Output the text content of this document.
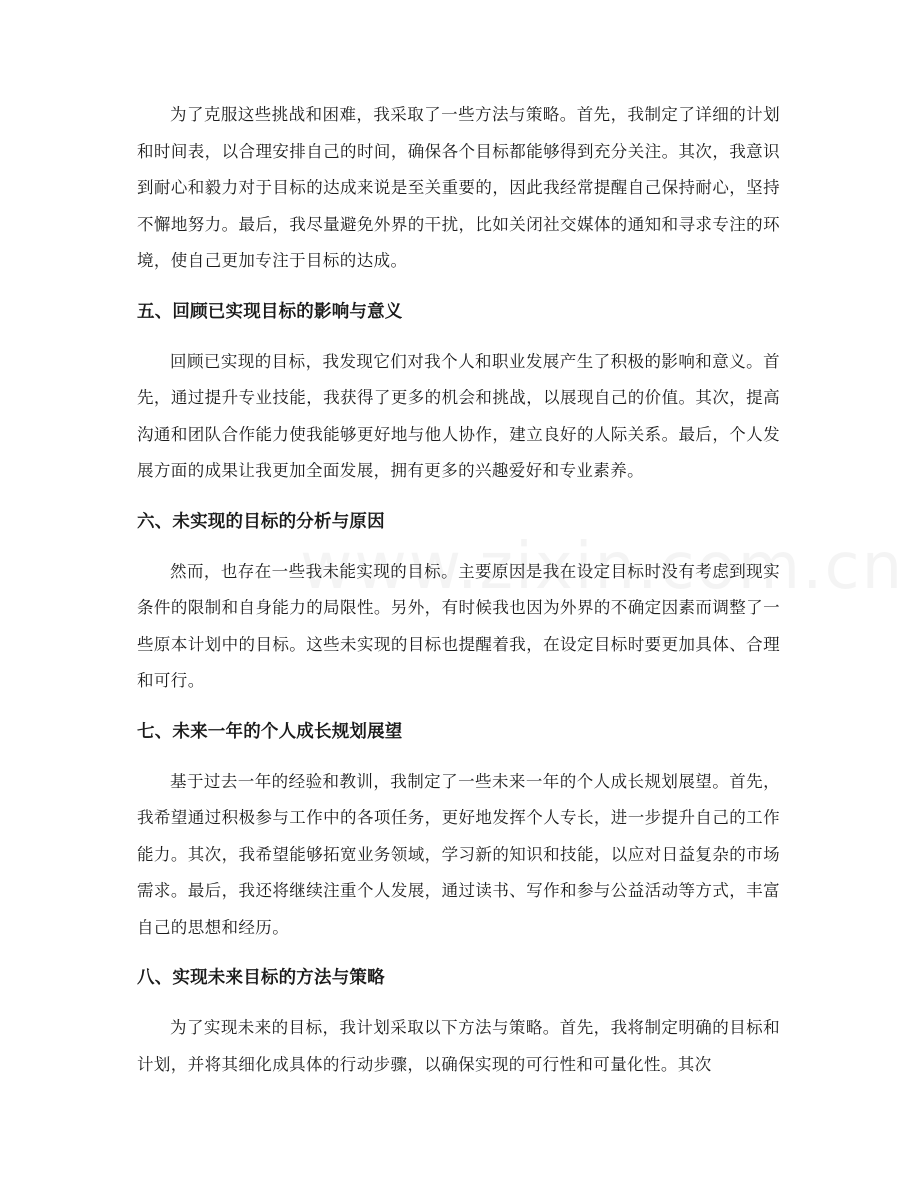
为了克服这些挑战和困难，我采取了一些方法与策略。首先，我制定了详细的计划和时间表，以合理安排自己的时间，确保各个目标都能够得到充分关注。其次，我意识到耐心和毅力对于目标的达成来说是至关重要的，因此我经常提醒自己保持耐心，坚持不懈地努力。最后，我尽量避免外界的干扰，比如关闭社交媒体的通知和寻求专注的环境，使自己更加专注于目标的达成。

五、回顾已实现目标的影响与意义

回顾已实现的目标，我发现它们对我个人和职业发展产生了积极的影响和意义。首先，通过提升专业技能，我获得了更多的机会和挑战，以展现自己的价值。其次，提高沟通和团队合作能力使我能够更好地与他人协作，建立良好的人际关系。最后，个人发展方面的成果让我更加全面发展，拥有更多的兴趣爱好和专业素养。

六、未实现的目标的分析与原因

然而，也存在一些我未能实现的目标。主要原因是我在设定目标时没有考虑到现实条件的限制和自身能力的局限性。另外，有时候我也因为外界的不确定因素而调整了一些原本计划中的目标。这些未实现的目标也提醒着我，在设定目标时要更加具体、合理和可行。

七、未来一年的个人成长规划展望

基于过去一年的经验和教训，我制定了一些未来一年的个人成长规划展望。首先，我希望通过积极参与工作中的各项任务，更好地发挥个人专长，进一步提升自己的工作能力。其次，我希望能够拓宽业务领域，学习新的知识和技能，以应对日益复杂的市场需求。最后，我还将继续注重个人发展，通过读书、写作和参与公益活动等方式，丰富自己的思想和经历。

八、实现未来目标的方法与策略

为了实现未来的目标，我计划采取以下方法与策略。首先，我将制定明确的目标和计划，并将其细化成具体的行动步骤，以确保实现的可行性和可量化性。其次
